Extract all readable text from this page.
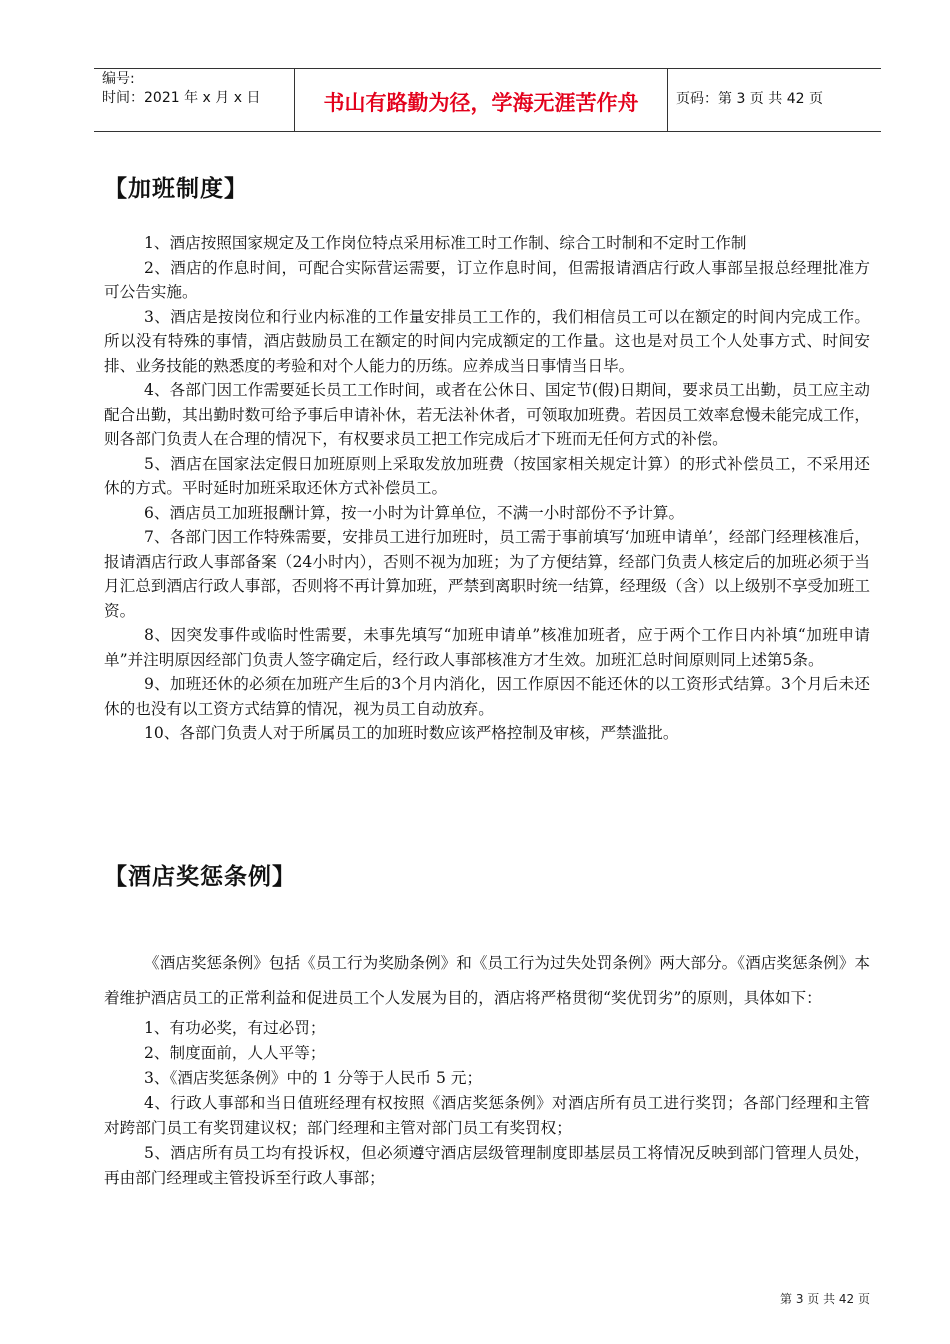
编号:
时间：2021 年 x 月 x 日	书山有路勤为径，学海无涯苦作舟	页码：第 3 页 共 42 页
【加班制度】
1、酒店按照国家规定及工作岗位特点采用标准工时工作制、综合工时制和不定时工作制
2、酒店的作息时间，可配合实际营运需要，订立作息时间，但需报请酒店行政人事部呈报总经理批准方可公告实施。
3、酒店是按岗位和行业内标准的工作量安排员工工作的，我们相信员工可以在额定的时间内完成工作。所以没有特殊的事情，酒店鼓励员工在额定的时间内完成额定的工作量。这也是对员工个人处事方式、时间安排、业务技能的熟悉度的考验和对个人能力的历练。应养成当日事情当日毕。
4、各部门因工作需要延长员工工作时间，或者在公休日、国定节(假)日期间，要求员工出勤，员工应主动配合出勤，其出勤时数可给予事后申请补休，若无法补休者，可领取加班费。若因员工效率怠慢未能完成工作，则各部门负责人在合理的情况下，有权要求员工把工作完成后才下班而无任何方式的补偿。
5、酒店在国家法定假日加班原则上采取发放加班费（按国家相关规定计算）的形式补偿员工，不采用还休的方式。平时延时加班采取还休方式补偿员工。
6、酒店员工加班报酬计算，按一小时为计算单位，不满一小时部份不予计算。
7、各部门因工作特殊需要，安排员工进行加班时，员工需于事前填写‘加班申请单’，经部门经理核准后，报请酒店行政人事部备案（24小时内），否则不视为加班；为了方便结算，经部门负责人核定后的加班必须于当月汇总到酒店行政人事部，否则将不再计算加班，严禁到离职时统一结算，经理级（含）以上级别不享受加班工资。
8、因突发事件或临时性需要，未事先填写“加班申请单”核准加班者，应于两个工作日内补填“加班申请单”并注明原因经部门负责人签字确定后，经行政人事部核准方才生效。加班汇总时间原则同上述第5条。
9、加班还休的必须在加班产生后的3个月内消化，因工作原因不能还休的以工资形式结算。3个月后未还休的也没有以工资方式结算的情况，视为员工自动放弃。
10、各部门负责人对于所属员工的加班时数应该严格控制及审核，严禁滥批。
【酒店奖惩条例】
《酒店奖惩条例》包括《员工行为奖励条例》和《员工行为过失处罚条例》两大部分。《酒店奖惩条例》本着维护酒店员工的正常利益和促进员工个人发展为目的，酒店将严格贯彻“奖优罚劣”的原则，具体如下：
1、有功必奖，有过必罚；
2、制度面前，人人平等；
3、《酒店奖惩条例》中的 1 分等于人民币 5 元；
4、行政人事部和当日值班经理有权按照《酒店奖惩条例》对酒店所有员工进行奖罚；各部门经理和主管对跨部门员工有奖罚建议权；部门经理和主管对部门员工有奖罚权；
5、酒店所有员工均有投诉权，但必须遵守酒店层级管理制度即基层员工将情况反映到部门管理人员处，再由部门经理或主管投诉至行政人事部；
第 3 页 共 42 页
